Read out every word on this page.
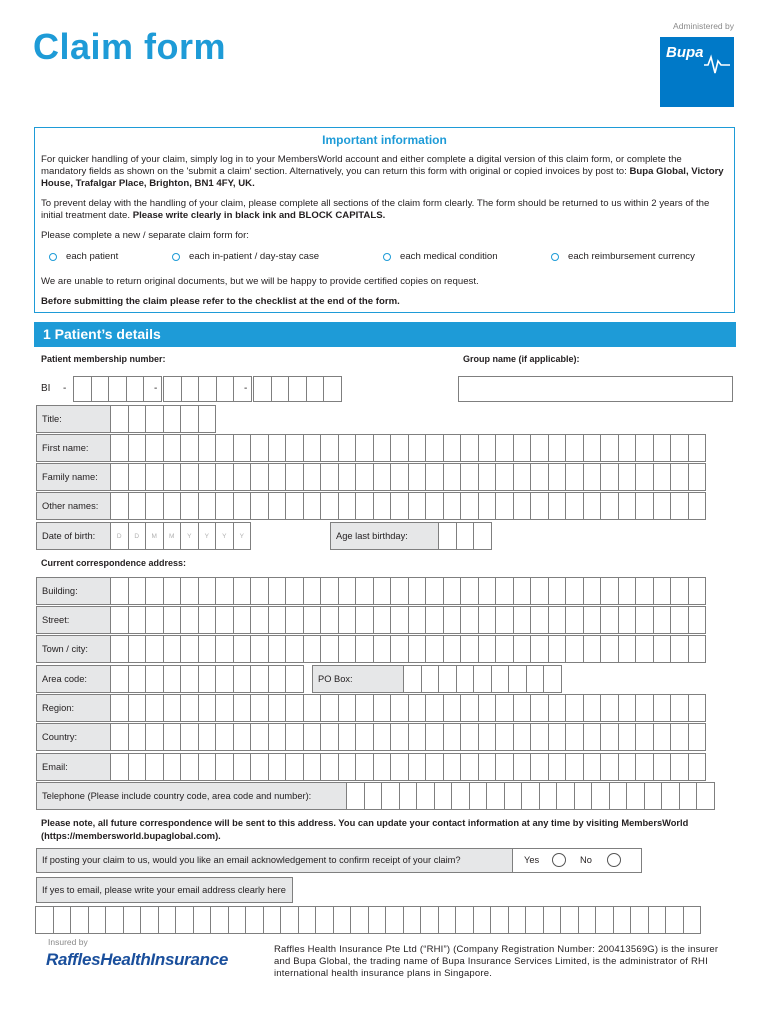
Claim form	Administered by
Bupa
Important information

For quicker handling of your claim, simply log in to your MembersWorld account and either complete a digital version of this claim form, or complete the mandatory fields as shown on the 'submit a claim' section. Alternatively, you can return this form with original or copied invoices by post to: Bupa Global, Victory House, Trafalgar Place, Brighton, BN1 4FY, UK.

To prevent delay with the handling of your claim, please complete all sections of the claim form clearly. The form should be returned to us within 2 years of the initial treatment date. Please write clearly in black ink and BLOCK CAPITALS.

Please complete a new / separate claim form for:

each patient	each in-patient / day-stay case	each medical condition	each reimbursement currency

We are unable to return original documents, but we will be happy to provide certified copies on request.

Before submitting the claim please refer to the checklist at the end of the form.

1 Patient’s details
Patient membership number:	Group name (if applicable):
BI -	-	-
Title:
First name:
Family name:
Other names:
Date of birth:	D	D	M	M	Y	Y	Y	Y	Age last birthday:
Current correspondence address:
Building:
Street:
Town / city:
Area code:	PO Box:
Region:
Country:
Email:
Telephone (Please include country code, area code and number):
Please note, all future correspondence will be sent to this address. You can update your contact information at any time by visiting MembersWorld (https://membersworld.bupaglobal.com).
If posting your claim to us, would you like an email acknowledgement to confirm receipt of your claim?	Yes	No
If yes to email, please write your email address clearly here
Insured by
RafflesHealthInsurance
Raffles Health Insurance Pte Ltd (“RHI”) (Company Registration Number: 200413569G) is the insurer and Bupa Global, the trading name of Bupa Insurance Services Limited, is the administrator of RHI international health insurance plans in Singapore.
